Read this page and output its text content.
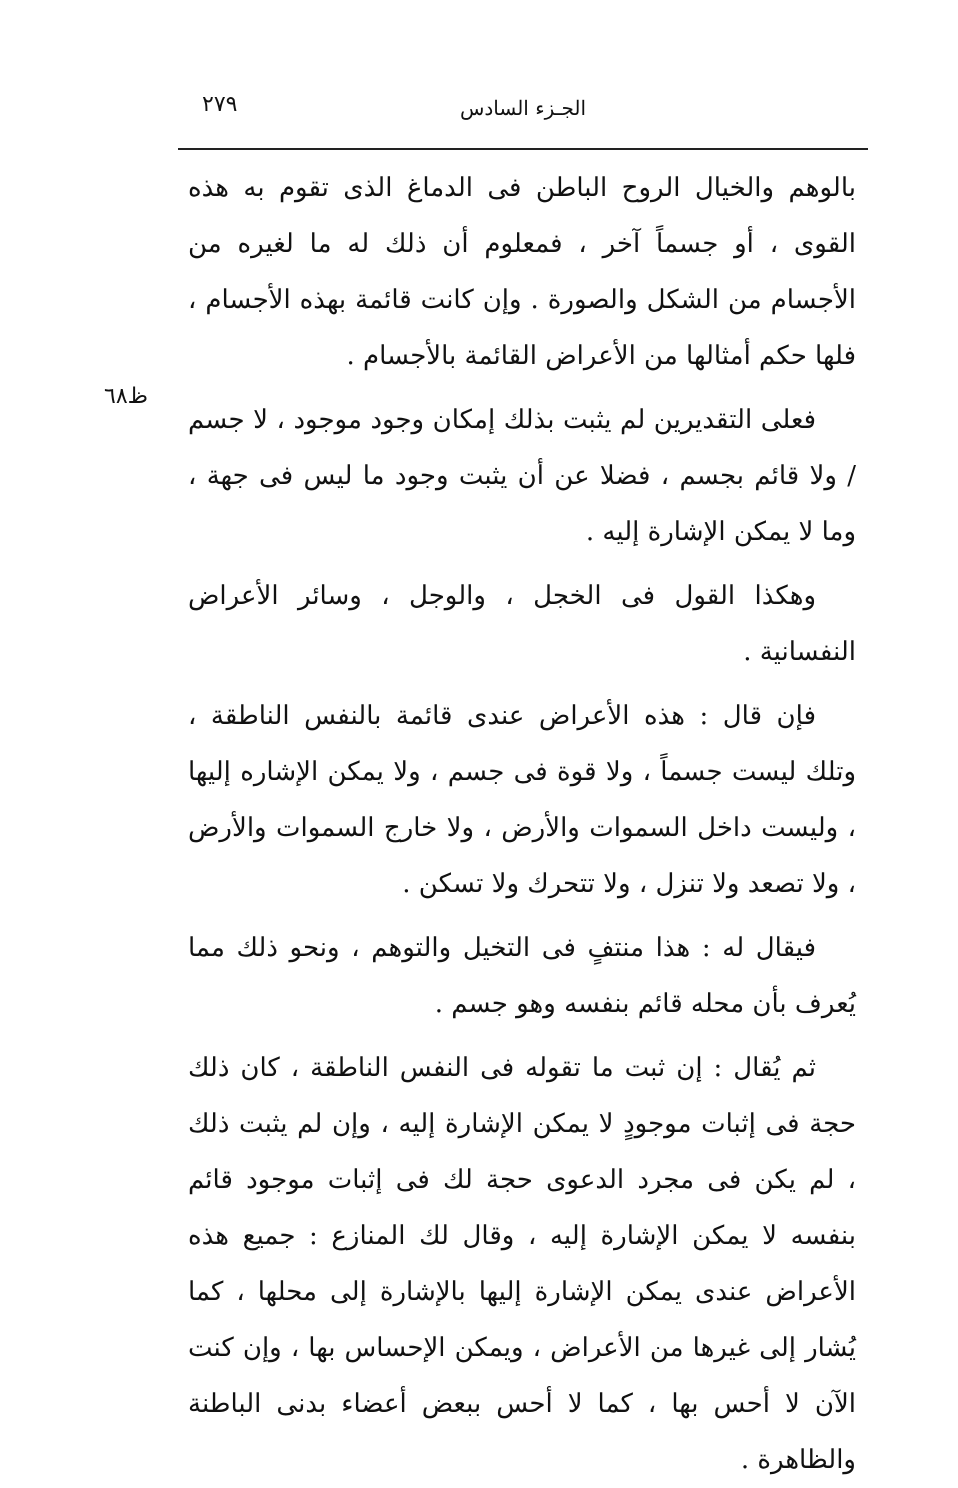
٢٧٩	الجـزء السادس
ظ٦٨

بالوهم والخيال الروح الباطن فى الدماغ الذى تقوم به هذه القوى ، أو جسماً آخر ، فمعلوم أن ذلك له ما لغيره من الأجسام من الشكل والصورة . وإن كانت قائمة بهذه الأجسام ، فلها حكم أمثالها من الأعراض القائمة بالأجسام .

فعلى التقديرين لم يثبت بذلك إمكان وجود موجود ، لا جسم / ولا قائم بجسم ، فضلا عن أن يثبت وجود ما ليس فى جهة ، وما لا يمكن الإشارة إليه .

وهكذا القول فى الخجل ، والوجل ، وسائر الأعراض النفسانية .

فإن قال : هذه الأعراض عندى قائمة بالنفس الناطقة ، وتلك ليست جسماً ، ولا قوة فى جسم ، ولا يمكن الإشاره إليها ، وليست داخل السموات والأرض ، ولا خارج السموات والأرض ، ولا تصعد ولا تنزل ، ولا تتحرك ولا تسكن .

فيقال له : هذا منتفٍ فى التخيل والتوهم ، ونحو ذلك مما يُعرف بأن محله قائم بنفسه وهو جسم .

ثم يُقال : إن ثبت ما تقوله فى النفس الناطقة ، كان ذلك حجة فى إثبات موجودٍ لا يمكن الإشارة إليه ، وإن لم يثبت ذلك ، لم يكن فى مجرد الدعوى حجة لك فى إثبات موجود قائم بنفسه لا يمكن الإشارة إليه ، وقال لك المنازع : جميع هذه الأعراض عندى يمكن الإشارة إليها بالإشارة إلى محلها ، كما يُشار إلى غيرها من الأعراض ، ويمكن الإحساس بها ، وإن كنت الآن لا أحس بها ، كما لا أحس ببعض أعضاء بدنى الباطنة والظاهرة .
